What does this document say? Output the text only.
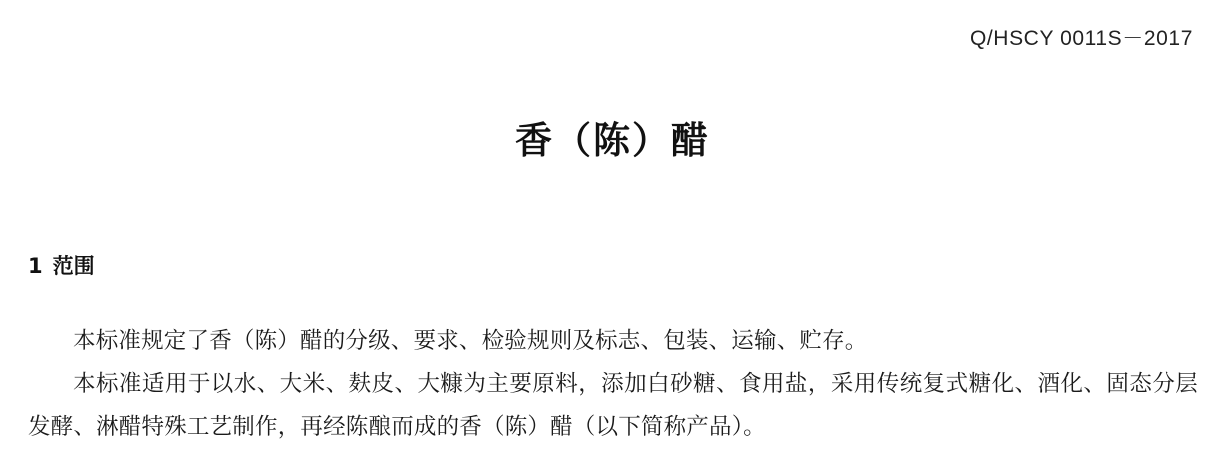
Q/HSCY 0011S－2017
香（陈）醋
1 范围

本标准规定了香（陈）醋的分级、要求、检验规则及标志、包装、运输、贮存。

本标准适用于以水、大米、麸皮、大糠为主要原料，添加白砂糖、食用盐，采用传统复式糖化、酒化、固态分层发酵、淋醋特殊工艺制作，再经陈酿而成的香（陈）醋（以下简称产品）。
